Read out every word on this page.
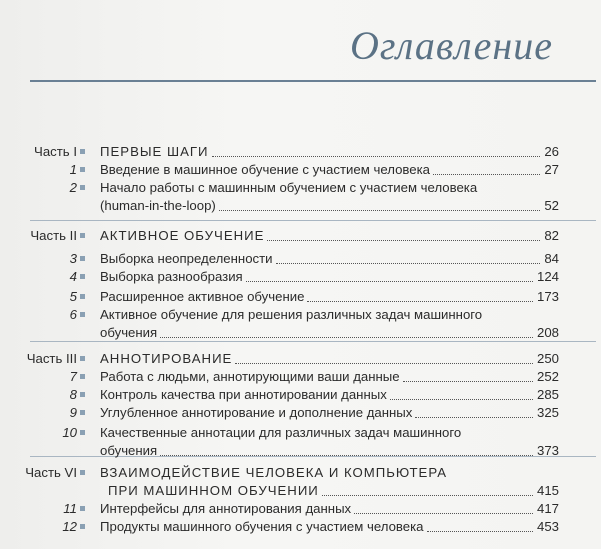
Оглавление
Часть I ПЕРВЫЕ ШАГИ	26
1 Введение в машинное обучение с участием человека	27
2 Начало работы с машинным обучением с участием человека
(human-in-the-loop)	52
Часть II АКТИВНОЕ ОБУЧЕНИЕ	82
3 Выборка неопределенности	84
4 Выборка разнообразия	124
5 Расширенное активное обучение	173
6 Активное обучение для решения различных задач машинного
обучения	208
Часть III АННОТИРОВАНИЕ	250
7 Работа с людьми, аннотирующими ваши данные	252
8 Контроль качества при аннотировании данных	285
9 Углубленное аннотирование и дополнение данных	325
10 Качественные аннотации для различных задач машинного
обучения	373
Часть VI ВЗАИМОДЕЙСТВИЕ ЧЕЛОВЕКА И КОМПЬЮТЕРА
ПРИ МАШИННОМ ОБУЧЕНИИ	415
11 Интерфейсы для аннотирования данных	417
12 Продукты машинного обучения с участием человека	453
